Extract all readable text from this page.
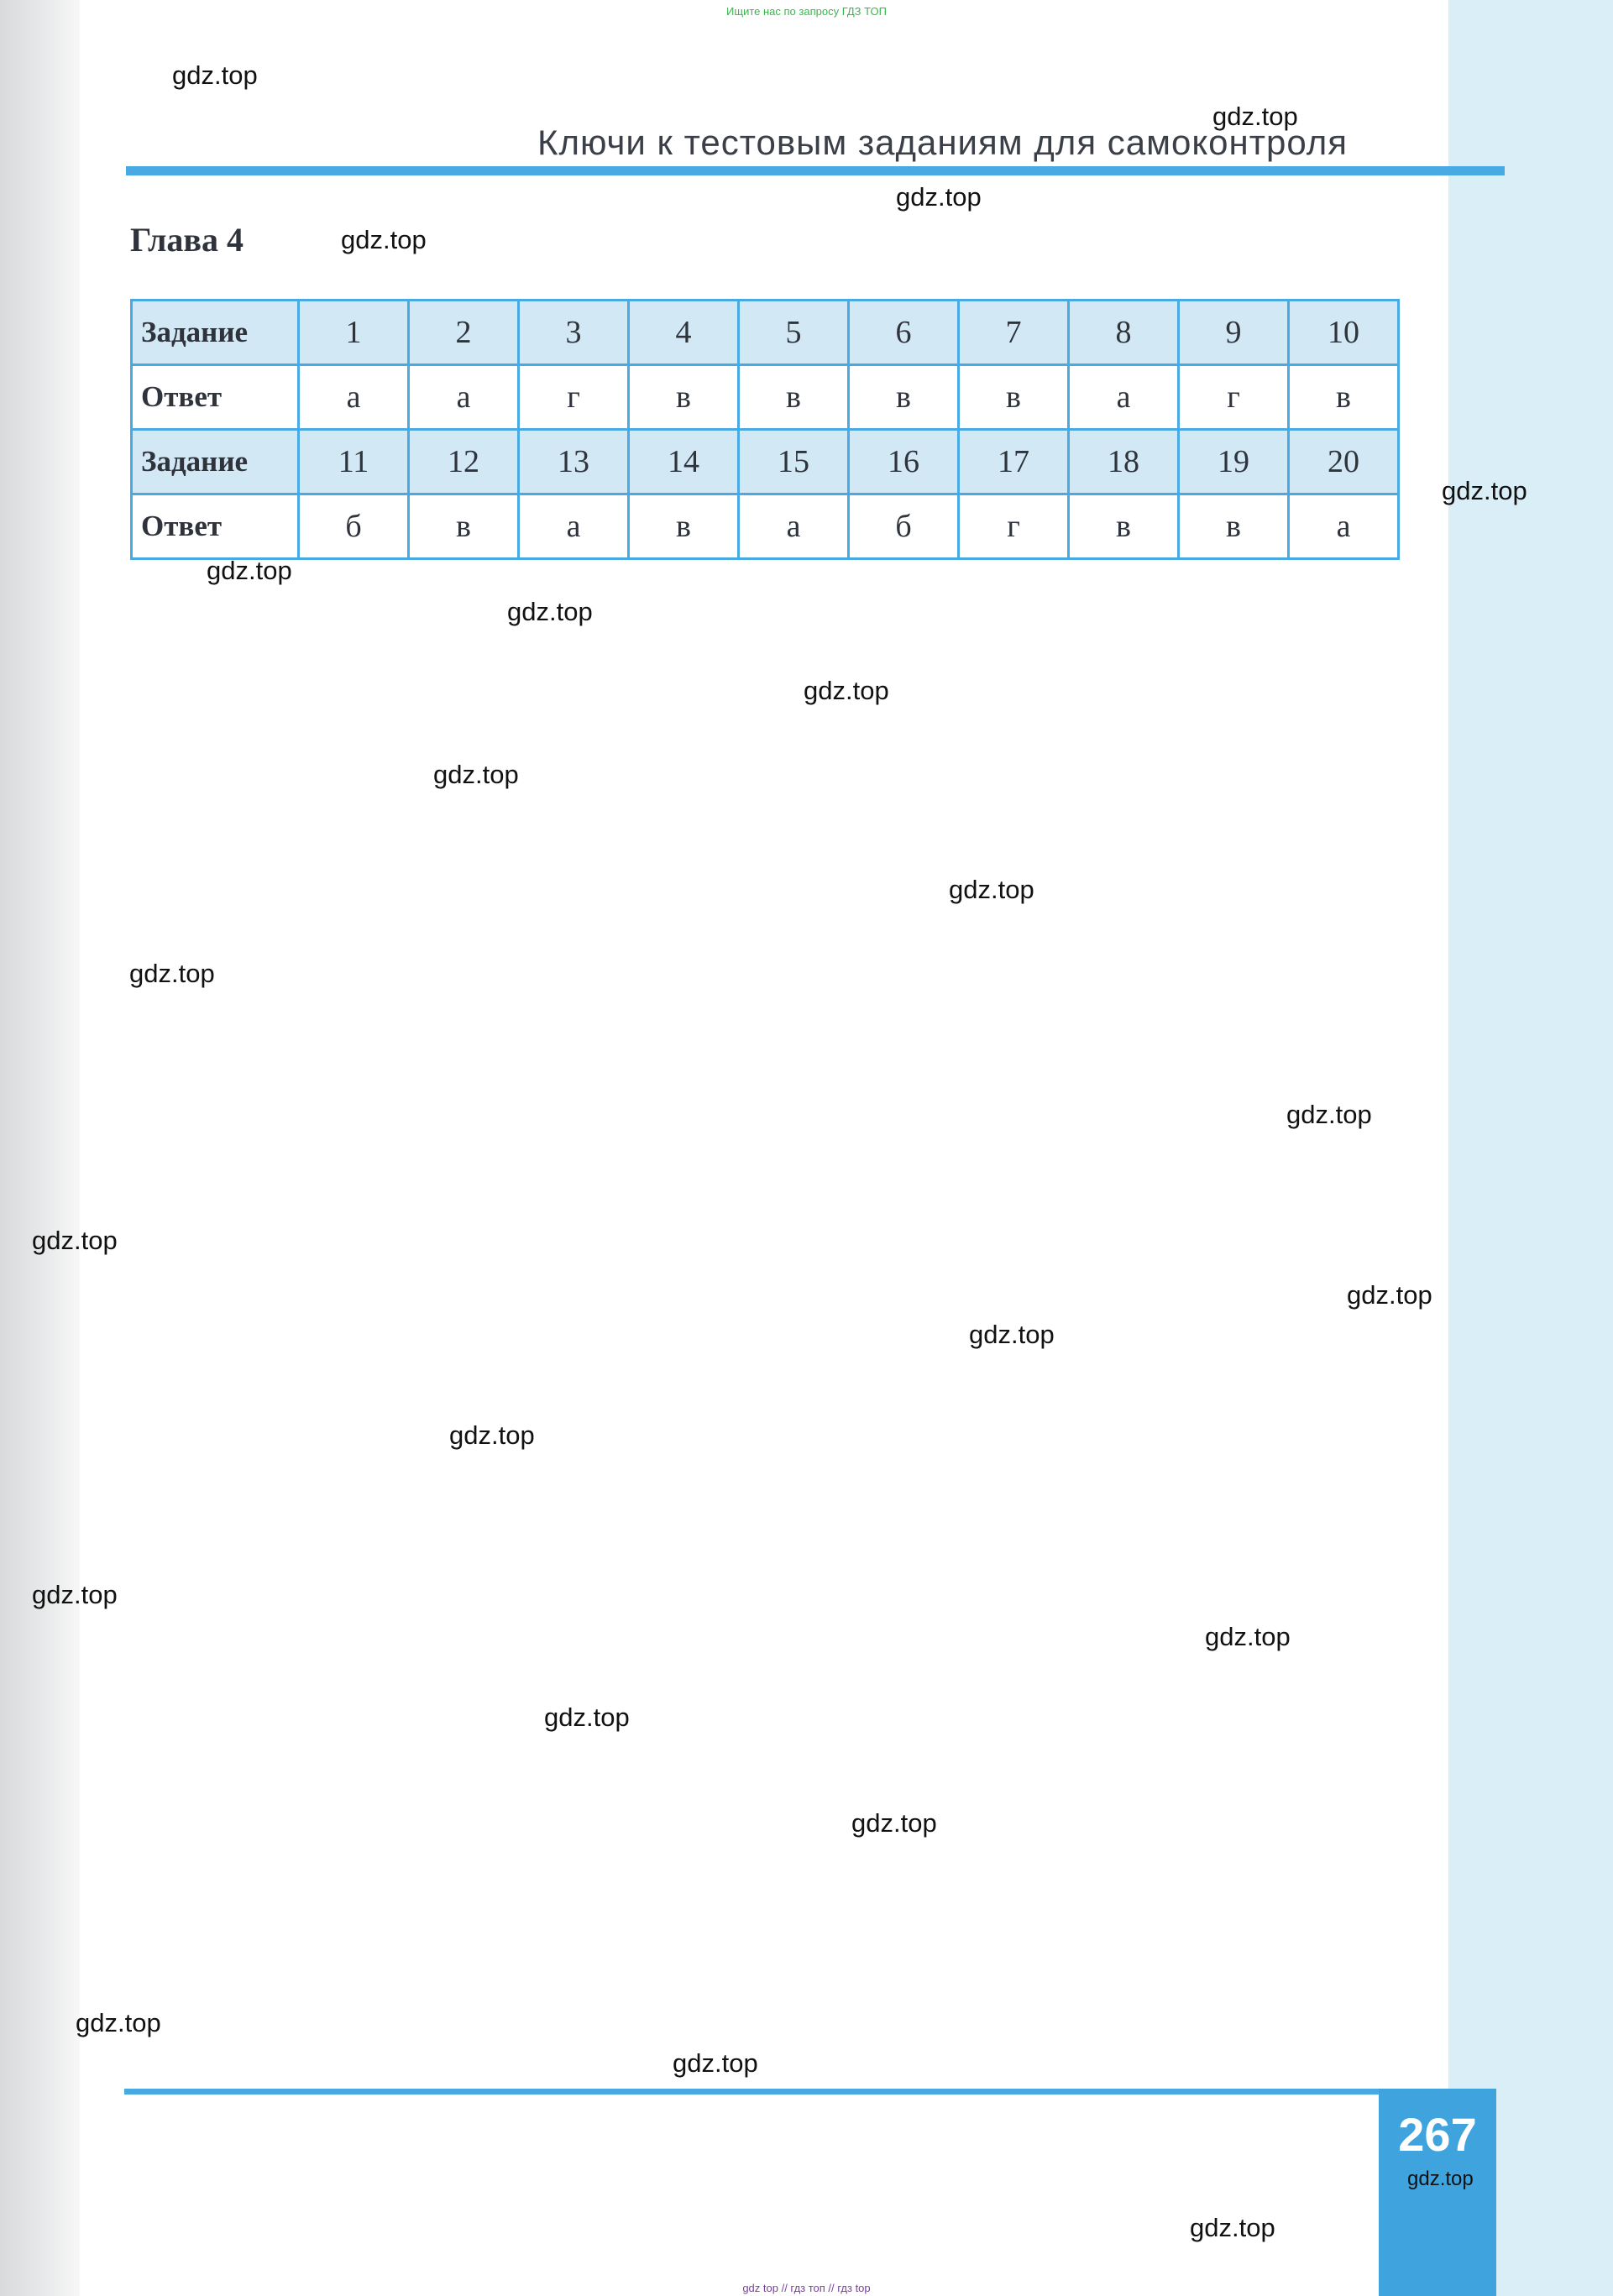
Ищите нас по запросу ГДЗ ТОП
Ключи к тестовым заданиям для самоконтроля
Глава 4
Задание	1	2	3	4	5	6	7	8	9	10
Ответ	а	а	г	в	в	в	в	а	г	в
Задание	11	12	13	14	15	16	17	18	19	20
Ответ	б	в	а	в	а	б	г	в	в	а
267
gdz.top
gdz.top
gdz.top
gdz.top
gdz.top
gdz.top
gdz.top
gdz.top
gdz.top
gdz.top
gdz.top
gdz.top
gdz.top
gdz.top
gdz.top
gdz.top
gdz.top
gdz.top
gdz.top
gdz.top
gdz.top
gdz.top
gdz.top
gdz.top
gdz top // гдз топ // гдз top
